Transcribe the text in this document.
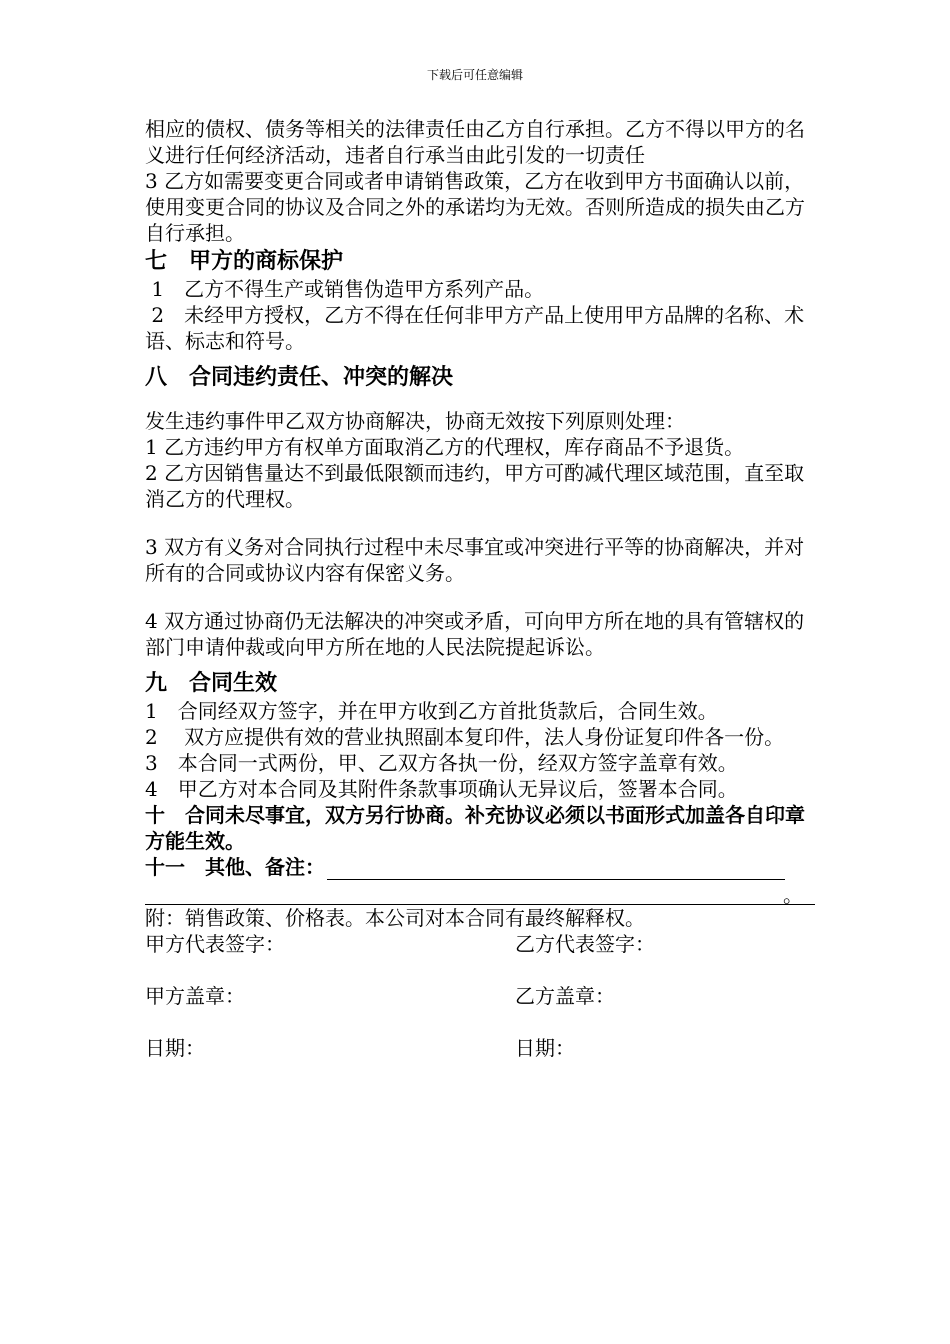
下载后可任意编辑

相应的债权、债务等相关的法律责任由乙方自行承担。乙方不得以甲方的名义进行任何经济活动，违者自行承当由此引发的一切责任

3 乙方如需要变更合同或者申请销售政策，乙方在收到甲方书面确认以前，使用变更合同的协议及合同之外的承诺均为无效。否则所造成的损失由乙方自行承担。

七　甲方的商标保护

1　乙方不得生产或销售伪造甲方系列产品。

2　未经甲方授权，乙方不得在任何非甲方产品上使用甲方品牌的名称、术语、标志和符号。

八　合同违约责任、冲突的解决

发生违约事件甲乙双方协商解决，协商无效按下列原则处理：

1 乙方违约甲方有权单方面取消乙方的代理权，库存商品不予退货。

2 乙方因销售量达不到最低限额而违约，甲方可酌减代理区域范围，直至取消乙方的代理权。

3 双方有义务对合同执行过程中未尽事宜或冲突进行平等的协商解决，并对所有的合同或协议内容有保密义务。

4 双方通过协商仍无法解决的冲突或矛盾，可向甲方所在地的具有管辖权的部门申请仲裁或向甲方所在地的人民法院提起诉讼。

九　合同生效

1　合同经双方签字，并在甲方收到乙方首批货款后，合同生效。

2　 双方应提供有效的营业执照副本复印件，法人身份证复印件各一份。

3　本合同一式两份，甲、乙双方各执一份，经双方签字盖章有效。

4　甲乙方对本合同及其附件条款事项确认无异议后，签署本合同。

十　合同未尽事宜，双方另行协商。补充协议必须以书面形式加盖各自印章方能生效。

十一　其他、备注：
。

附：销售政策、价格表。本公司对本合同有最终解释权。

甲方代表签字：	乙方代表签字：
甲方盖章：	乙方盖章：
日期：	日期：
